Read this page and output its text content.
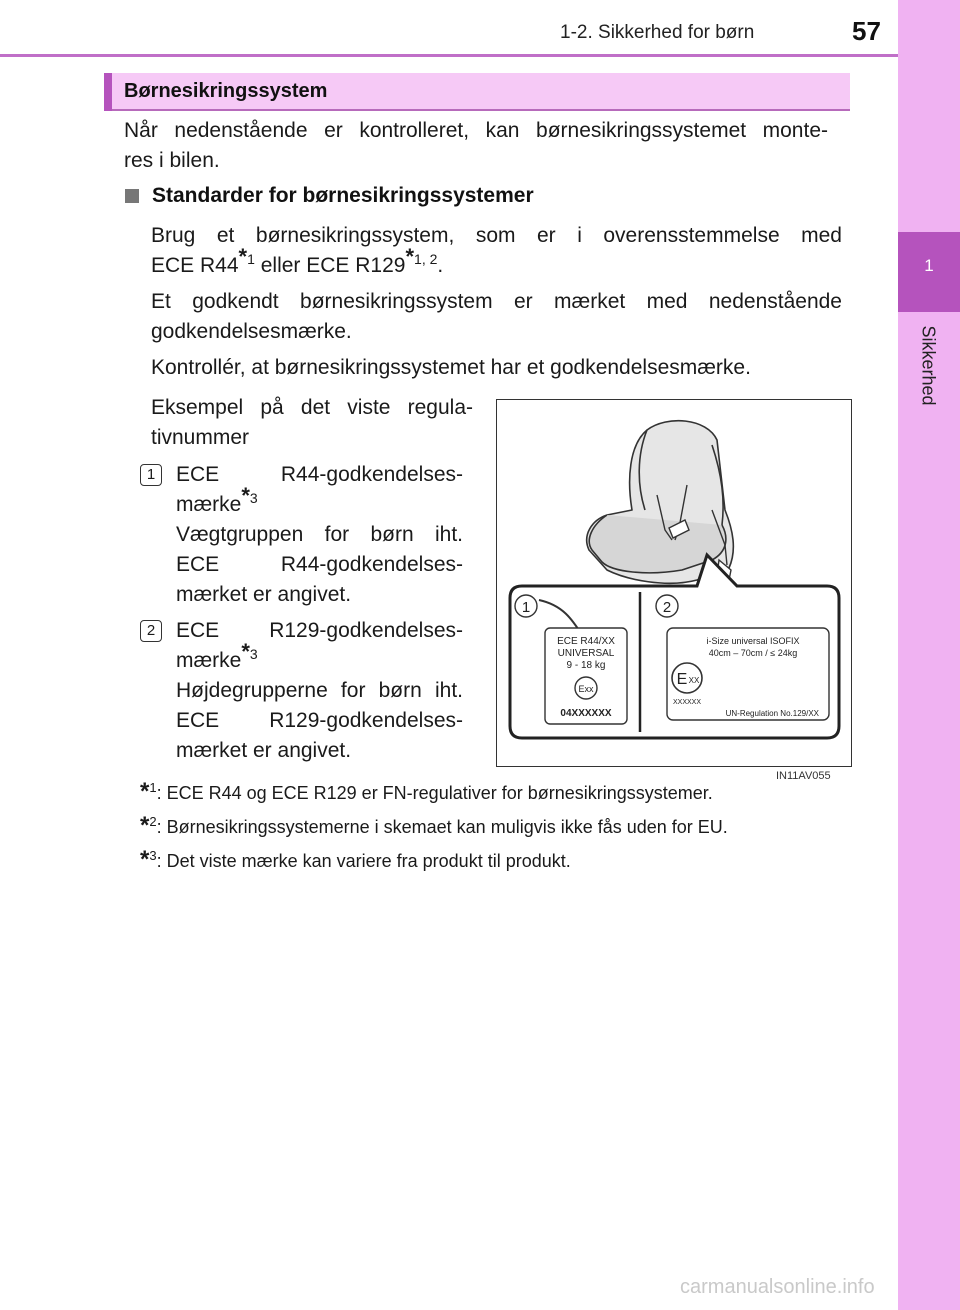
1-2. Sikkerhed for børn	57
1
Sikkerhed
Børnesikringssystem
Når nedenstående er kontrolleret, kan børnesikringssystemet monte-
res i bilen.
Standarder for børnesikringssystemer
Brug et børnesikringssystem, som er i overensstemmelse med
ECE R44$^{*1}$ eller ECE R129$^{*1, 2}$.
Et godkendt børnesikringssystem er mærket med nedenstående
godkendelsesmærke.
Kontrollér, at børnesikringssystemet har et godkendelsesmærke.
Eksempel på det viste regula-
tivnummer
1 ECE R44-godkendelses-
mærke$^{*3}$
Vægtgruppen for børn iht.
ECE R44-godkendelses-
mærket er angivet.
2 ECE R129-godkendelses-
mærke$^{*3}$
Højdegrupperne for børn iht.
ECE R129-godkendelses-
mærket er angivet.
1	2
ECE R44/XX
UNIVERSAL
9 - 18 kg
Exx
04XXXXXX
i-Size universal ISOFIX
40cm – 70cm / ≤ 24kg
E XX
XXXXXX
UN-Regulation No.129/XX
IN11AV055
*$^1$: ECE R44 og ECE R129 er FN-regulativer for børnesikringssystemer.
*$^2$: Børnesikringssystemerne i skemaet kan muligvis ikke fås uden for EU.
*$^3$: Det viste mærke kan variere fra produkt til produkt.
carmanualsonline.info
